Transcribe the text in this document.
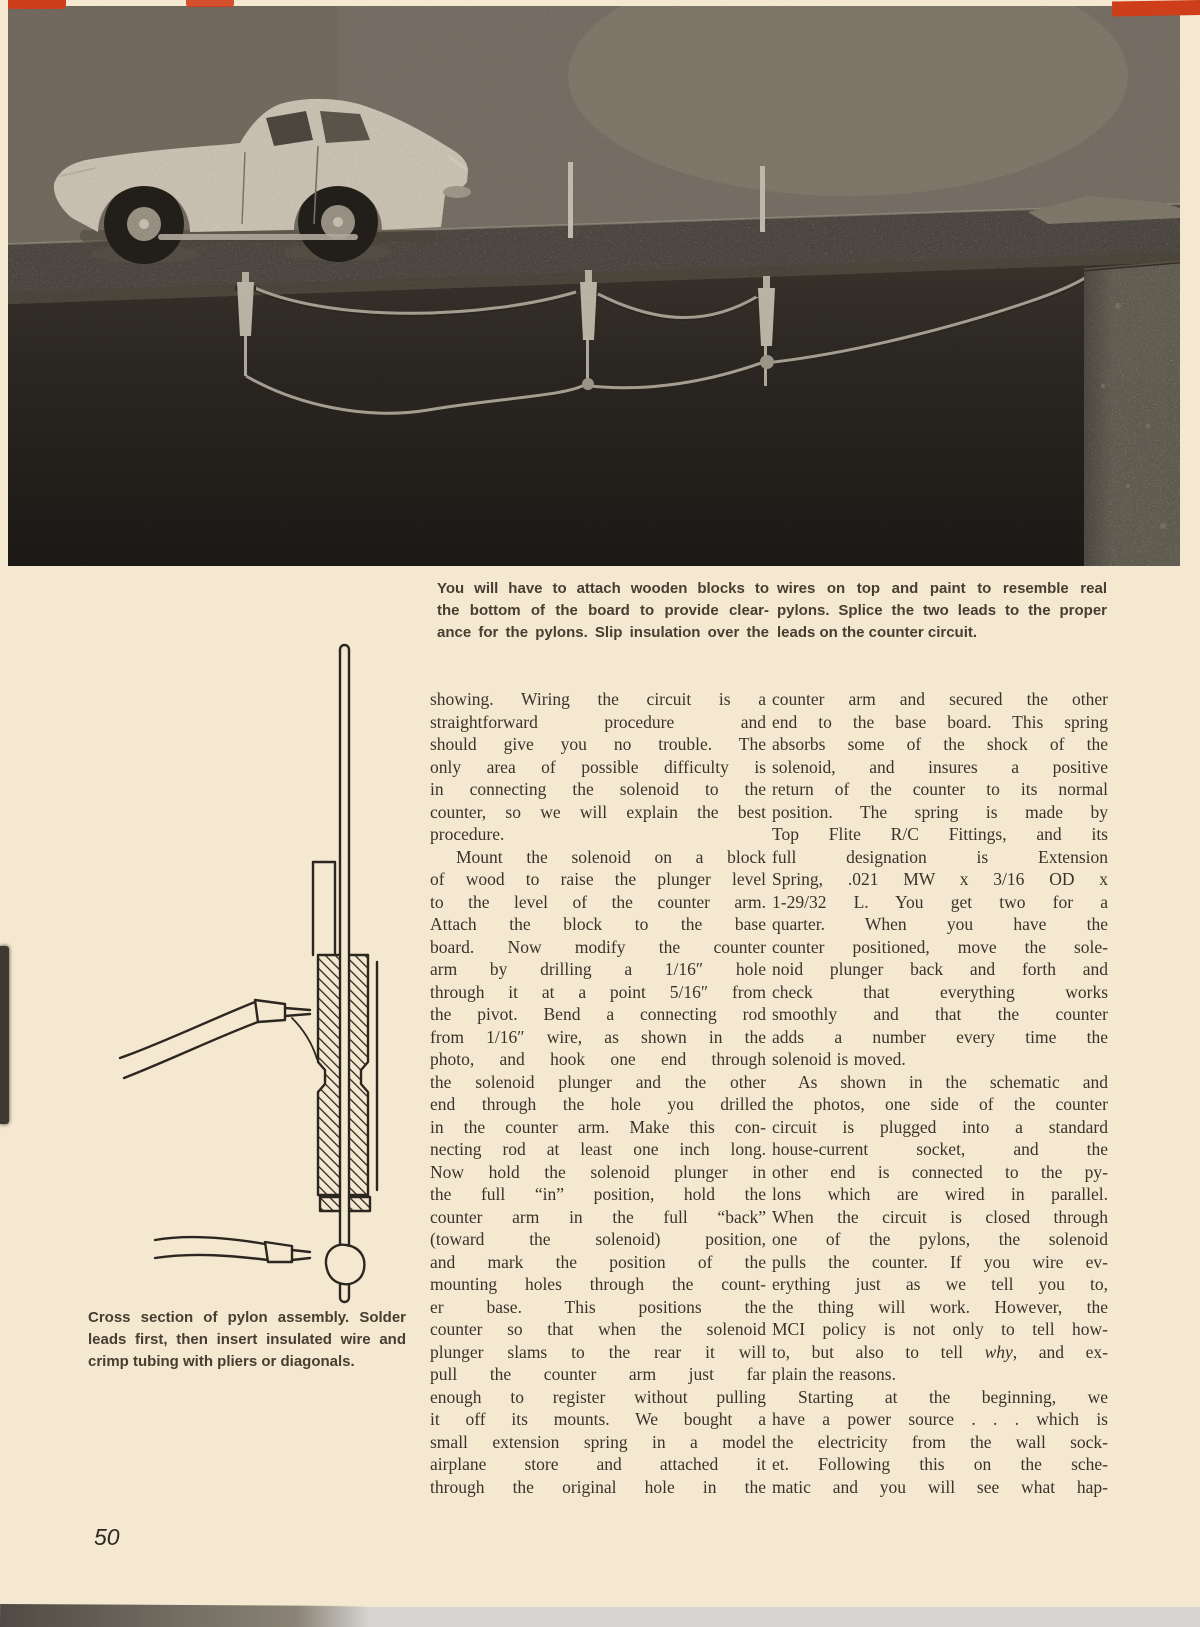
You will have to attach wooden blocks to
the bottom of the board to provide clear-
ance for the pylons. Slip insulation over the
wires on top and paint to resemble real
pylons. Splice the two leads to the proper
leads on the counter circuit.
Cross section of pylon assembly. Solder
leads first, then insert insulated wire and
crimp tubing with pliers or diagonals.
showing. Wiring the circuit is a
straightforward procedure and
should give you no trouble. The
only area of possible difficulty is
in connecting the solenoid to the
counter, so we will explain the best
procedure.
Mount the solenoid on a block
of wood to raise the plunger level
to the level of the counter arm.
Attach the block to the base
board. Now modify the counter
arm by drilling a 1/16″ hole
through it at a point 5/16″ from
the pivot. Bend a connecting rod
from 1/16″ wire, as shown in the
photo, and hook one end through
the solenoid plunger and the other
end through the hole you drilled
in the counter arm. Make this con-
necting rod at least one inch long.
Now hold the solenoid plunger in
the full “in” position, hold the
counter arm in the full “back”
(toward the solenoid) position,
and mark the position of the
mounting holes through the count-
er base. This positions the
counter so that when the solenoid
plunger slams to the rear it will
pull the counter arm just far
enough to register without pulling
it off its mounts. We bought a
small extension spring in a model
airplane store and attached it
through the original hole in the
counter arm and secured the other
end to the base board. This spring
absorbs some of the shock of the
solenoid, and insures a positive
return of the counter to its normal
position. The spring is made by
Top Flite R/C Fittings, and its
full designation is Extension
Spring, .021 MW x 3/16 OD x
1-29/32 L. You get two for a
quarter. When you have the
counter positioned, move the sole-
noid plunger back and forth and
check that everything works
smoothly and that the counter
adds a number every time the
solenoid is moved.
As shown in the schematic and
the photos, one side of the counter
circuit is plugged into a standard
house-current socket, and the
other end is connected to the py-
lons which are wired in parallel.
When the circuit is closed through
one of the pylons, the solenoid
pulls the counter. If you wire ev-
erything just as we tell you to,
the thing will work. However, the
MCI policy is not only to tell how-
to, but also to tell why, and ex-
plain the reasons.
Starting at the beginning, we
have a power source . . . which is
the electricity from the wall sock-
et. Following this on the sche-
matic and you will see what hap-
50
